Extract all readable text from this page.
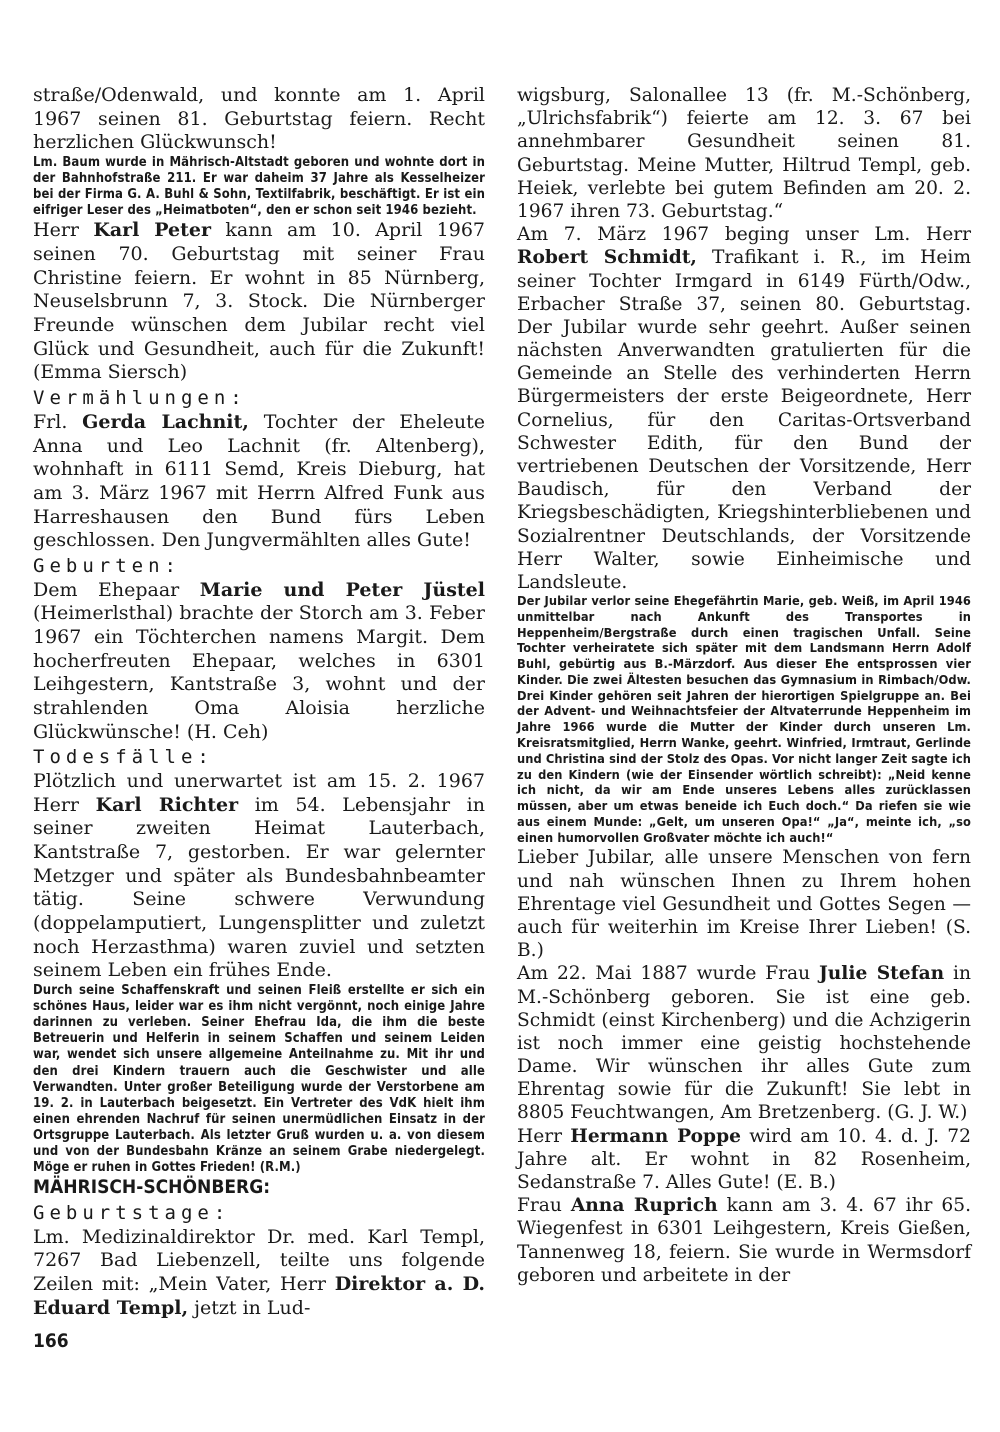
straße/Odenwald, und konnte am 1. April 1967 seinen 81. Geburtstag feiern. Recht herzlichen Glückwunsch!

Lm. Baum wurde in Mährisch-Altstadt geboren und wohnte dort in der Bahnhofstraße 211. Er war daheim 37 Jahre als Kesselheizer bei der Firma G. A. Buhl & Sohn, Textilfabrik, beschäftigt. Er ist ein eifriger Leser des „Heimatboten“, den er schon seit 1946 bezieht.

Herr Karl Peter kann am 10. April 1967 seinen 70. Geburtstag mit seiner Frau Christine feiern. Er wohnt in 85 Nürnberg, Neuselsbrunn 7, 3. Stock. Die Nürnberger Freunde wünschen dem Jubilar recht viel Glück und Gesundheit, auch für die Zukunft! (Emma Siersch)

Vermählungen:

Frl. Gerda Lachnit, Tochter der Eheleute Anna und Leo Lachnit (fr. Altenberg), wohnhaft in 6111 Semd, Kreis Dieburg, hat am 3. März 1967 mit Herrn Alfred Funk aus Harreshausen den Bund fürs Leben geschlossen. Den Jungvermählten alles Gute!

Geburten:

Dem Ehepaar Marie und Peter Jüstel (Heimerlsthal) brachte der Storch am 3. Feber 1967 ein Töchterchen namens Margit. Dem hocherfreuten Ehepaar, welches in 6301 Leihgestern, Kantstraße 3, wohnt und der strahlenden Oma Aloisia herzliche Glückwünsche! (H. Ceh)

Todesfälle:

Plötzlich und unerwartet ist am 15. 2. 1967 Herr Karl Richter im 54. Lebensjahr in seiner zweiten Heimat Lauterbach, Kantstraße 7, gestorben. Er war gelernter Metzger und später als Bundesbahnbeamter tätig. Seine schwere Verwundung (doppelamputiert, Lungensplitter und zuletzt noch Herzasthma) waren zuviel und setzten seinem Leben ein frühes Ende.

Durch seine Schaffenskraft und seinen Fleiß erstellte er sich ein schönes Haus, leider war es ihm nicht vergönnt, noch einige Jahre darinnen zu verleben. Seiner Ehefrau Ida, die ihm die beste Betreuerin und Helferin in seinem Schaffen und seinem Leiden war, wendet sich unsere allgemeine Anteilnahme zu. Mit ihr und den drei Kindern trauern auch die Geschwister und alle Verwandten. Unter großer Beteiligung wurde der Verstorbene am 19. 2. in Lauterbach beigesetzt. Ein Vertreter des VdK hielt ihm einen ehrenden Nachruf für seinen unermüdlichen Einsatz in der Ortsgruppe Lauterbach. Als letzter Gruß wurden u. a. von diesem und von der Bundesbahn Kränze an seinem Grabe niedergelegt. Möge er ruhen in Gottes Frieden! (R.M.)

MÄHRISCH-SCHÖNBERG:

Geburtstage:

Lm. Medizinaldirektor Dr. med. Karl Templ, 7267 Bad Liebenzell, teilte uns folgende Zeilen mit: „Mein Vater, Herr Direktor a. D. Eduard Templ, jetzt in Lud-

wigsburg, Salonallee 13 (fr. M.-Schönberg, „Ulrichsfabrik“) feierte am 12. 3. 67 bei annehmbarer Gesundheit seinen 81. Geburtstag. Meine Mutter, Hiltrud Templ, geb. Heiek, verlebte bei gutem Befinden am 20. 2. 1967 ihren 73. Geburtstag.“

Am 7. März 1967 beging unser Lm. Herr Robert Schmidt, Trafikant i. R., im Heim seiner Tochter Irmgard in 6149 Fürth/Odw., Erbacher Straße 37, seinen 80. Geburtstag. Der Jubilar wurde sehr geehrt. Außer seinen nächsten Anverwandten gratulierten für die Gemeinde an Stelle des verhinderten Herrn Bürgermeisters der erste Beigeordnete, Herr Cornelius, für den Caritas-Ortsverband Schwester Edith, für den Bund der vertriebenen Deutschen der Vorsitzende, Herr Baudisch, für den Verband der Kriegsbeschädigten, Kriegshinterbliebenen und Sozialrentner Deutschlands, der Vorsitzende Herr Walter, sowie Einheimische und Landsleute.

Der Jubilar verlor seine Ehegefährtin Marie, geb. Weiß, im April 1946 unmittelbar nach Ankunft des Transportes in Heppenheim/Bergstraße durch einen tragischen Unfall. Seine Tochter verheiratete sich später mit dem Landsmann Herrn Adolf Buhl, gebürtig aus B.-Märzdorf. Aus dieser Ehe entsprossen vier Kinder. Die zwei Ältesten besuchen das Gymnasium in Rimbach/Odw. Drei Kinder gehören seit Jahren der hierortigen Spielgruppe an. Bei der Advent- und Weihnachtsfeier der Altvaterrunde Heppenheim im Jahre 1966 wurde die Mutter der Kinder durch unseren Lm. Kreisratsmitglied, Herrn Wanke, geehrt. Winfried, Irmtraut, Gerlinde und Christina sind der Stolz des Opas. Vor nicht langer Zeit sagte ich zu den Kindern (wie der Einsender wörtlich schreibt): „Neid kenne ich nicht, da wir am Ende unseres Lebens alles zurücklassen müssen, aber um etwas beneide ich Euch doch.“ Da riefen sie wie aus einem Munde: „Gelt, um unseren Opa!“ „Ja“, meinte ich, „so einen humorvollen Großvater möchte ich auch!“

Lieber Jubilar, alle unsere Menschen von fern und nah wünschen Ihnen zu Ihrem hohen Ehrentage viel Gesundheit und Gottes Segen — auch für weiterhin im Kreise Ihrer Lieben! (S. B.)

Am 22. Mai 1887 wurde Frau Julie Stefan in M.-Schönberg geboren. Sie ist eine geb. Schmidt (einst Kirchenberg) und die Achzigerin ist noch immer eine geistig hochstehende Dame. Wir wünschen ihr alles Gute zum Ehrentag sowie für die Zukunft! Sie lebt in 8805 Feuchtwangen, Am Bretzenberg. (G. J. W.)

Herr Hermann Poppe wird am 10. 4. d. J. 72 Jahre alt. Er wohnt in 82 Rosenheim, Sedanstraße 7. Alles Gute! (E. B.)

Frau Anna Ruprich kann am 3. 4. 67 ihr 65. Wiegenfest in 6301 Leihgestern, Kreis Gießen, Tannenweg 18, feiern. Sie wurde in Wermsdorf geboren und arbeitete in der

166
